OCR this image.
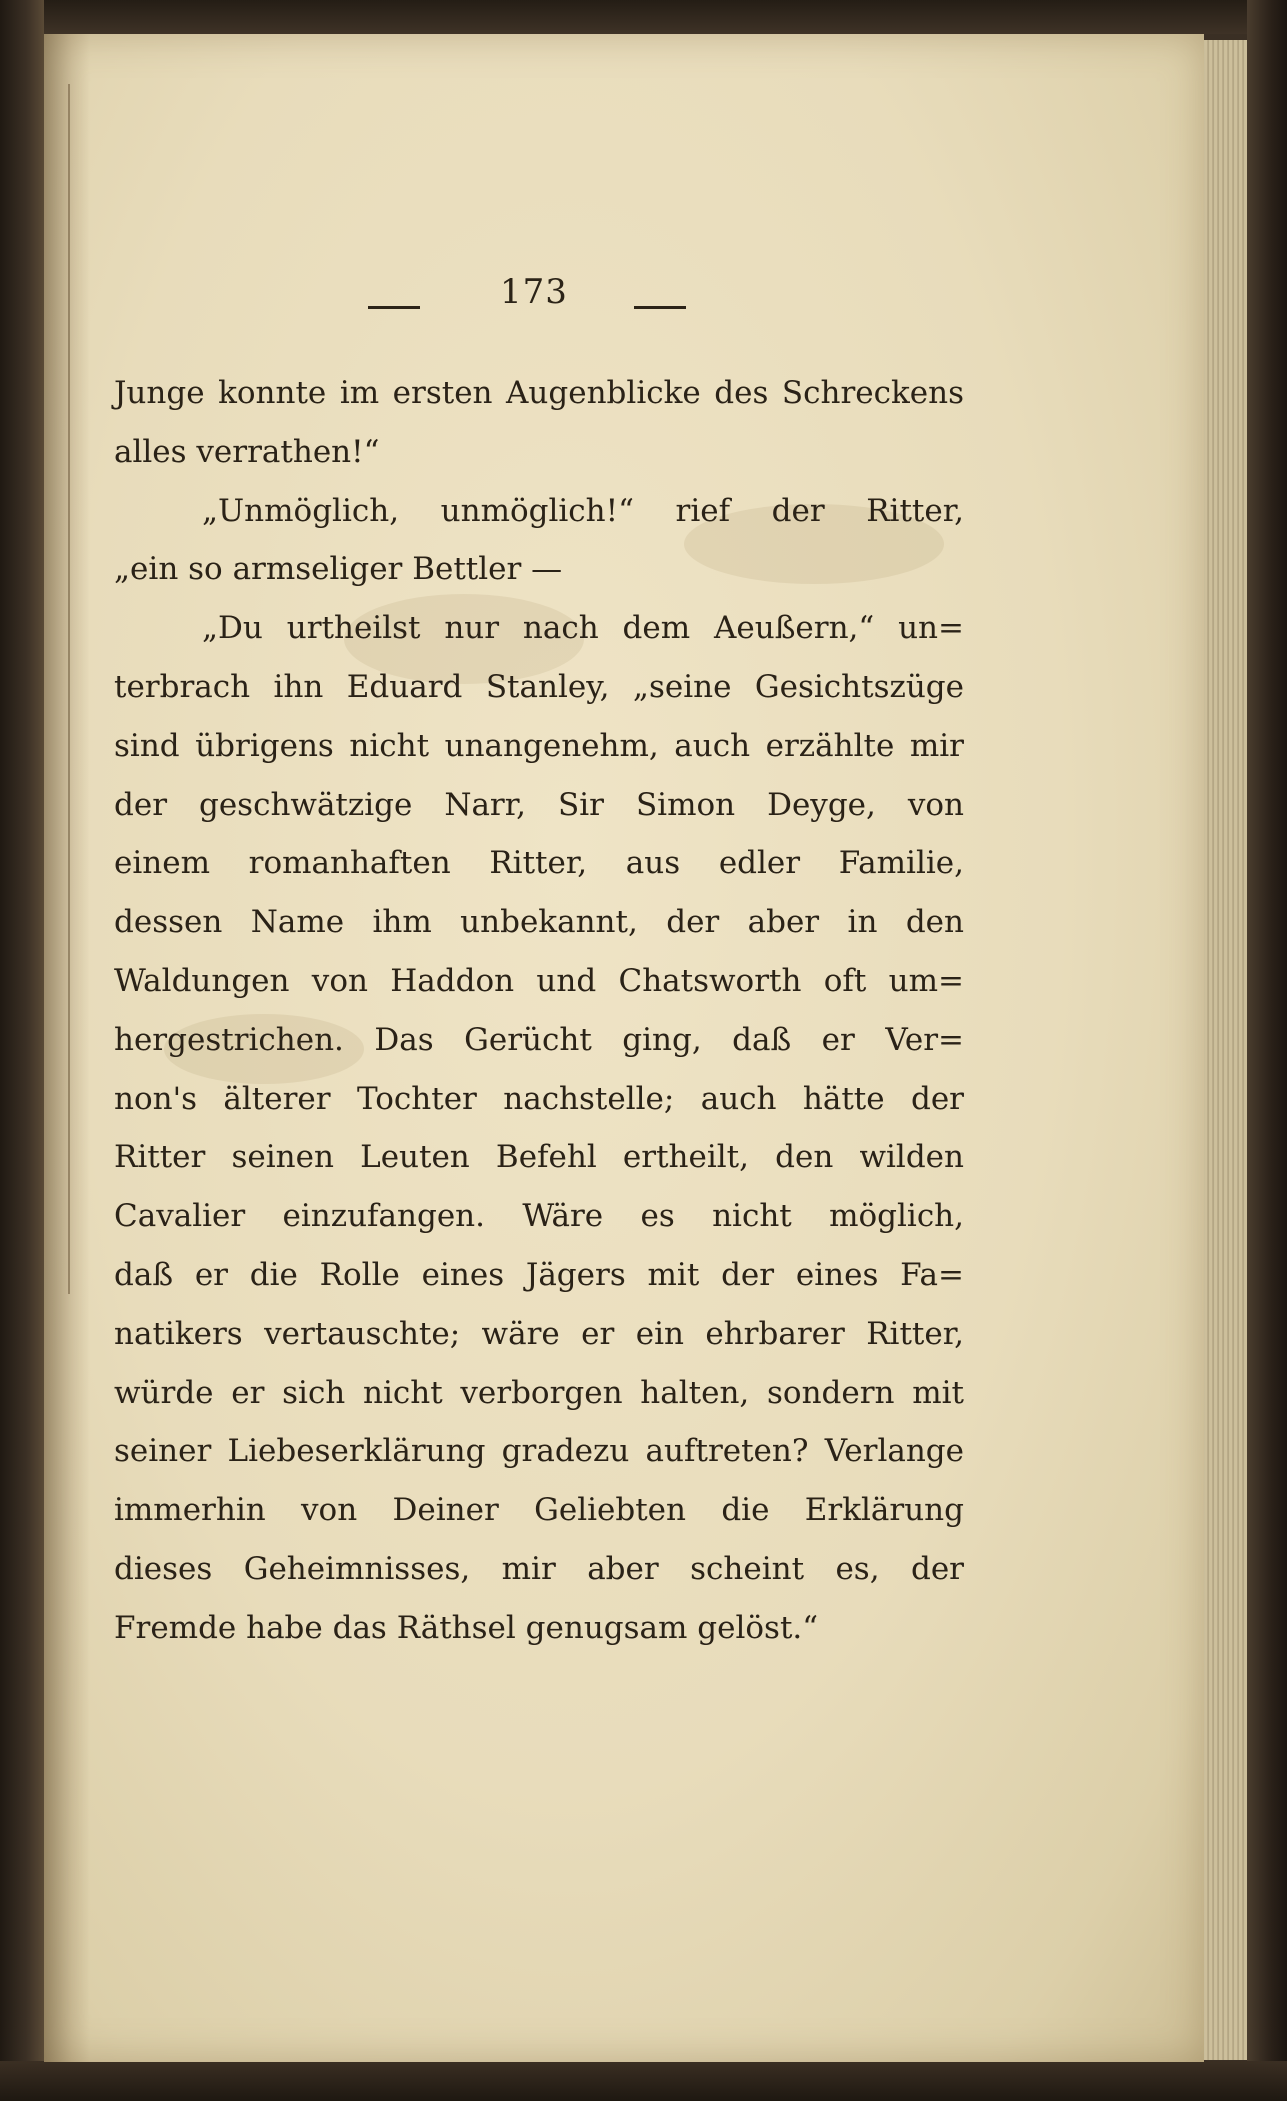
173
Junge konnte im ersten Augenblicke des Schreckens
alles verrathen!“
„Unmöglich, unmöglich!“ rief der Ritter,
„ein so armseliger Bettler —
„Du urtheilst nur nach dem Aeußern,“ un=
terbrach ihn Eduard Stanley, „seine Gesichtszüge
sind übrigens nicht unangenehm, auch erzählte mir
der geschwätzige Narr, Sir Simon Deyge, von
einem romanhaften Ritter, aus edler Familie,
dessen Name ihm unbekannt, der aber in den
Waldungen von Haddon und Chatsworth oft um=
hergestrichen. Das Gerücht ging, daß er Ver=
non's älterer Tochter nachstelle; auch hätte der
Ritter seinen Leuten Befehl ertheilt, den wilden
Cavalier einzufangen. Wäre es nicht möglich,
daß er die Rolle eines Jägers mit der eines Fa=
natikers vertauschte; wäre er ein ehrbarer Ritter,
würde er sich nicht verborgen halten, sondern mit
seiner Liebeserklärung gradezu auftreten? Verlange
immerhin von Deiner Geliebten die Erklärung
dieses Geheimnisses, mir aber scheint es, der
Fremde habe das Räthsel genugsam gelöst.“
